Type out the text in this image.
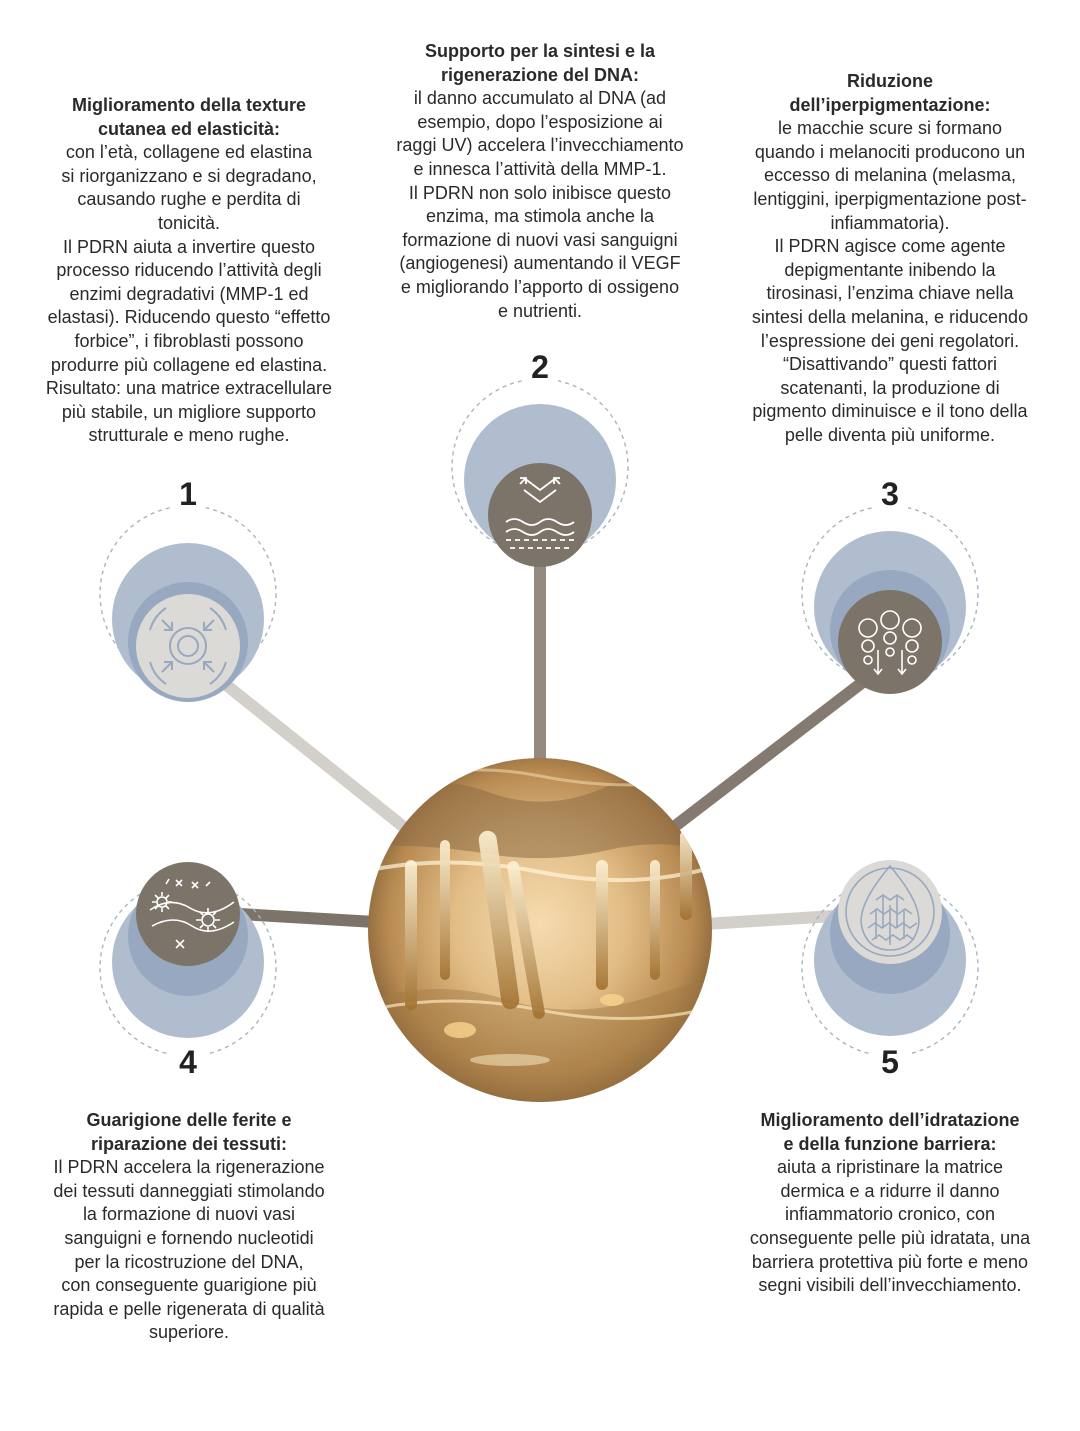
1
2
3
4	5
Miglioramento della texture
cutanea ed elasticità:
con l’età, collagene ed elastina
si riorganizzano e si degradano,
causando rughe e perdita di
tonicità.
Il PDRN aiuta a invertire questo
processo riducendo l’attività degli
enzimi degradativi (MMP-1 ed
elastasi). Riducendo questo “effetto
forbice”, i fibroblasti possono
produrre più collagene ed elastina.
Risultato: una matrice extracellulare
più stabile, un migliore supporto
strutturale e meno rughe.
Supporto per la sintesi e la
rigenerazione del DNA:
il danno accumulato al DNA (ad
esempio, dopo l’esposizione ai
raggi UV) accelera l’invecchiamento
e innesca l’attività della MMP-1.
Il PDRN non solo inibisce questo
enzima, ma stimola anche la
formazione di nuovi vasi sanguigni
(angiogenesi) aumentando il VEGF
e migliorando l’apporto di ossigeno
e nutrienti.
Riduzione
dell’iperpigmentazione:
le macchie scure si formano
quando i melanociti producono un
eccesso di melanina (melasma,
lentiggini, iperpigmentazione post-
infiammatoria).
Il PDRN agisce come agente
depigmentante inibendo la
tirosinasi, l’enzima chiave nella
sintesi della melanina, e riducendo
l’espressione dei geni regolatori.
“Disattivando” questi fattori
scatenanti, la produzione di
pigmento diminuisce e il tono della
pelle diventa più uniforme.
Guarigione delle ferite e
riparazione dei tessuti:
Il PDRN accelera la rigenerazione
dei tessuti danneggiati stimolando
la formazione di nuovi vasi
sanguigni e fornendo nucleotidi
per la ricostruzione del DNA,
con conseguente guarigione più
rapida e pelle rigenerata di qualità
superiore.
Miglioramento dell’idratazione
e della funzione barriera:
aiuta a ripristinare la matrice
dermica e a ridurre il danno
infiammatorio cronico, con
conseguente pelle più idratata, una
barriera protettiva più forte e meno
segni visibili dell’invecchiamento.
